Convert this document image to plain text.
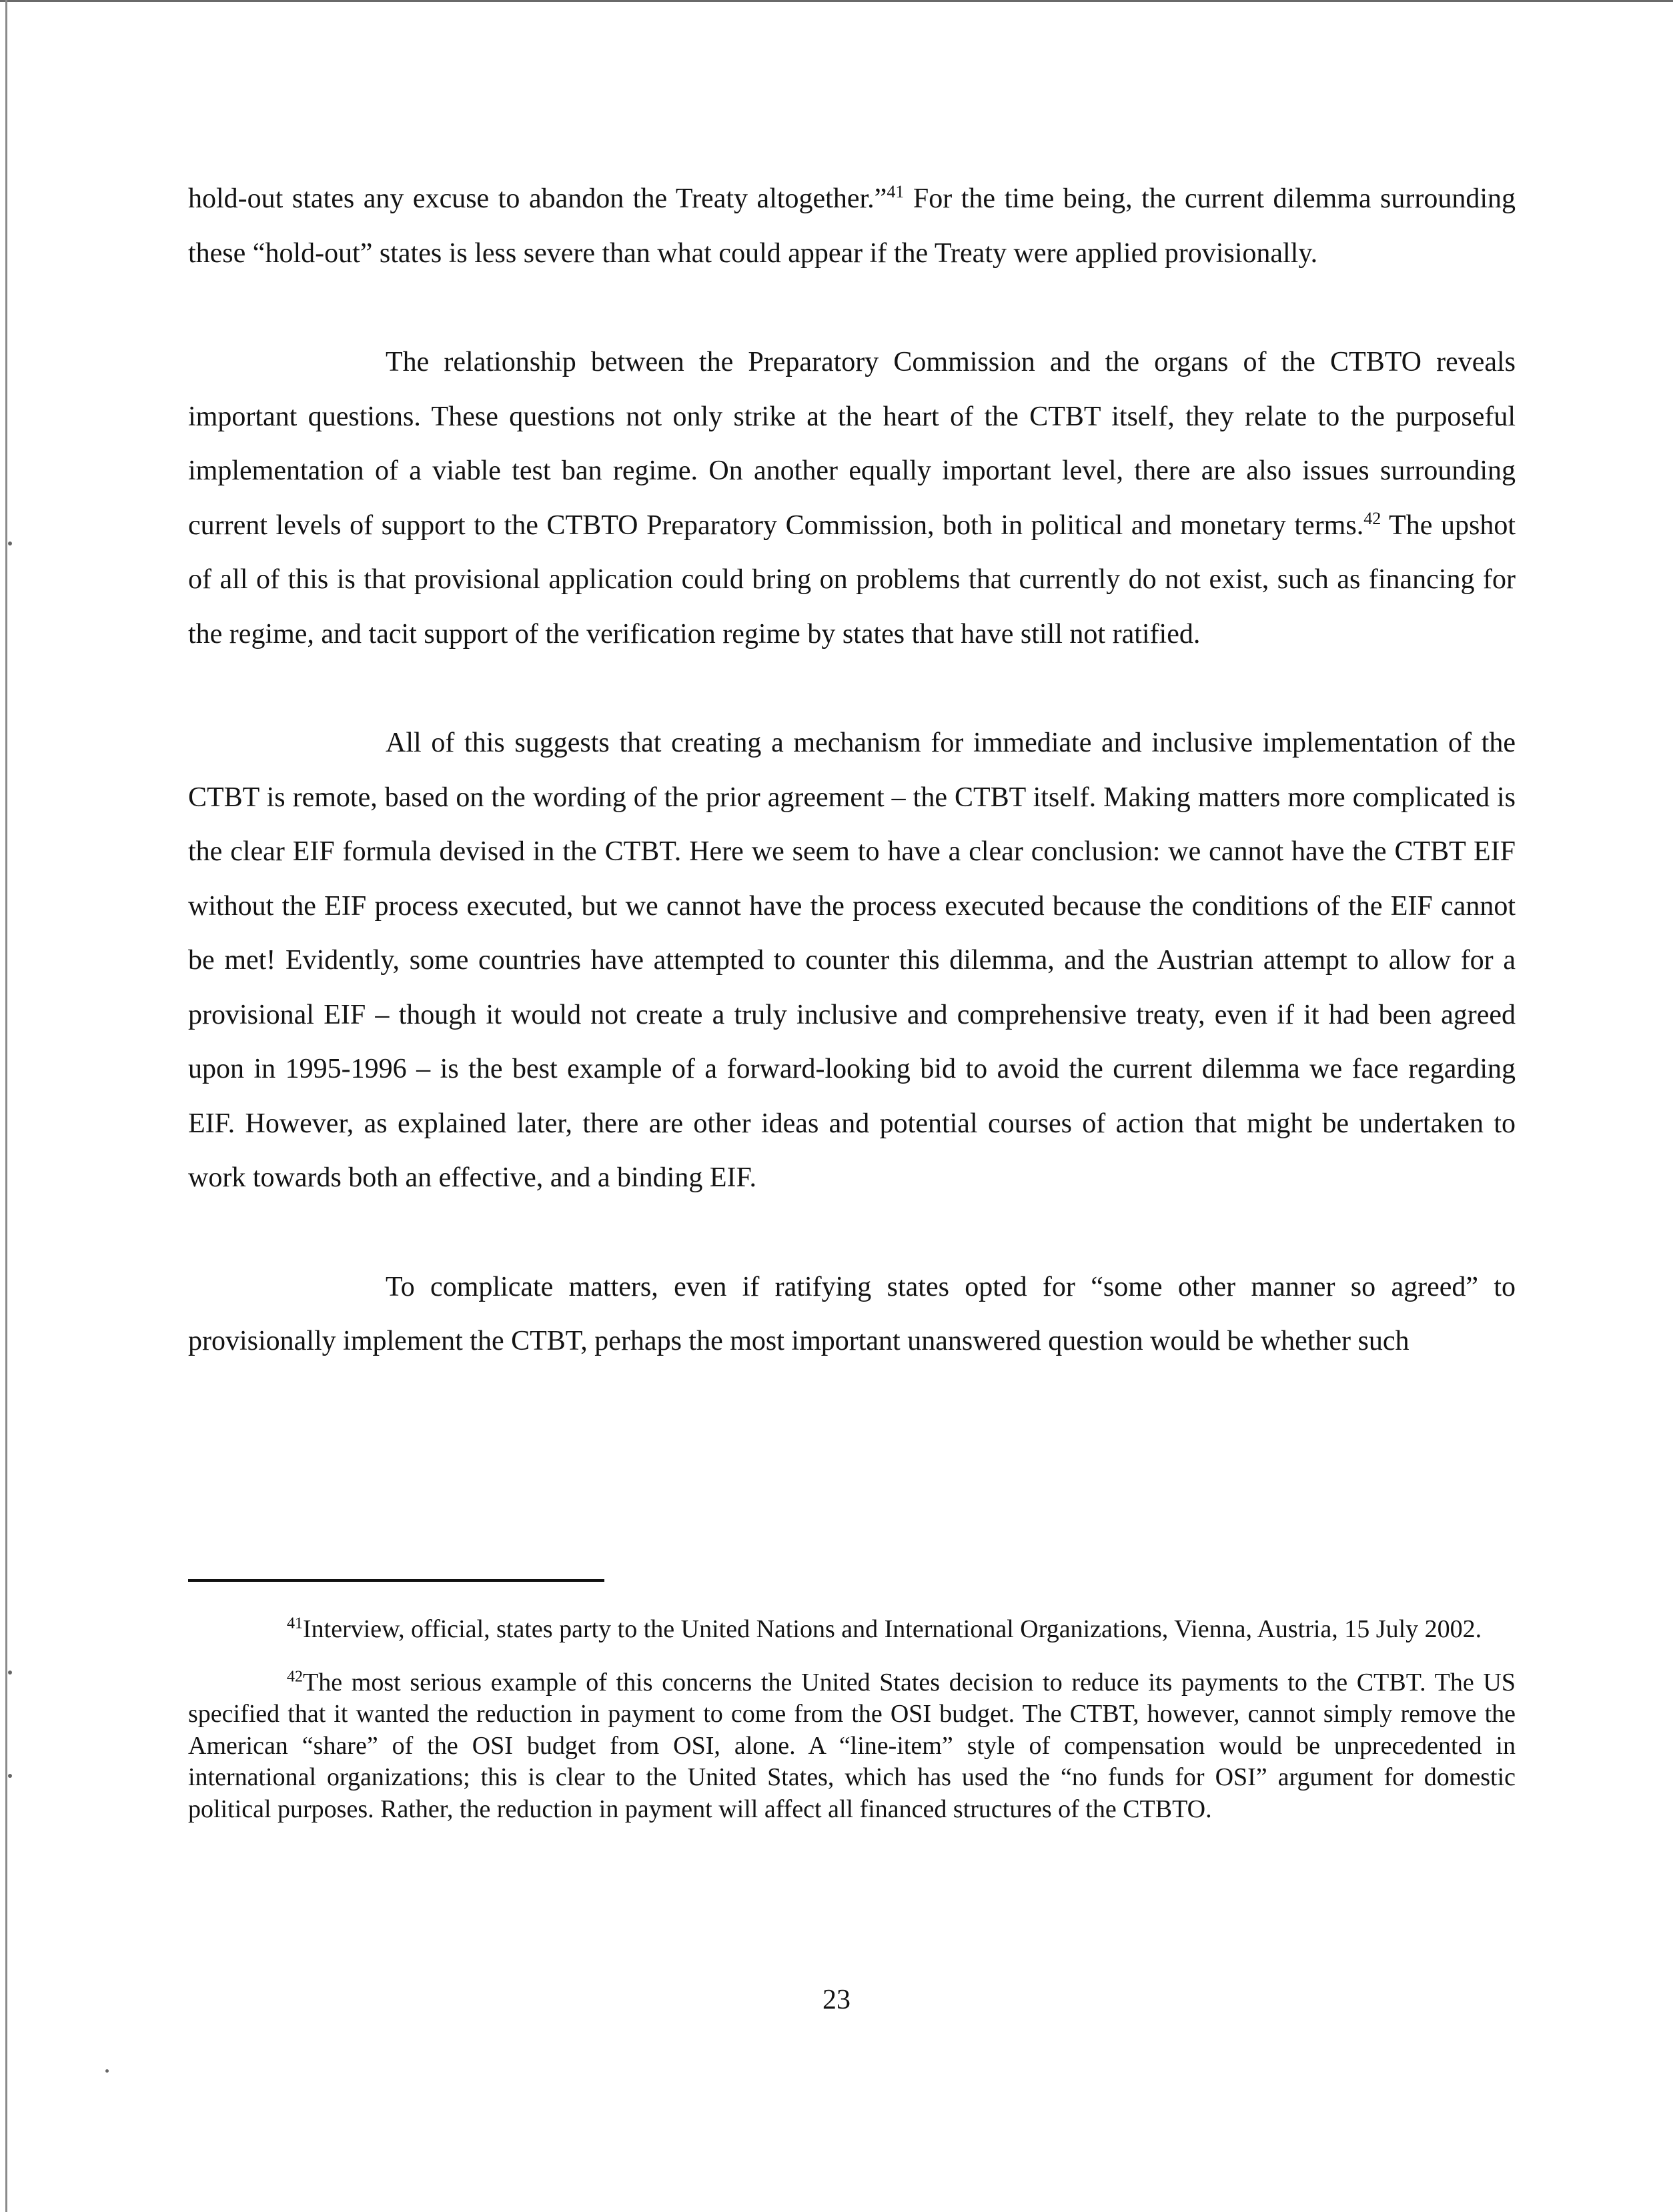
hold-out states any excuse to abandon the Treaty altogether.”$^{41}$ For the time being, the current dilemma surrounding these “hold-out” states is less severe than what could appear if the Treaty were applied provisionally.

The relationship between the Preparatory Commission and the organs of the CTBTO reveals important questions. These questions not only strike at the heart of the CTBT itself, they relate to the purposeful implementation of a viable test ban regime. On another equally important level, there are also issues surrounding current levels of support to the CTBTO Preparatory Commission, both in political and monetary terms.$^{42}$ The upshot of all of this is that provisional application could bring on problems that currently do not exist, such as financing for the regime, and tacit support of the verification regime by states that have still not ratified.

All of this suggests that creating a mechanism for immediate and inclusive implementation of the CTBT is remote, based on the wording of the prior agreement – the CTBT itself. Making matters more complicated is the clear EIF formula devised in the CTBT. Here we seem to have a clear conclusion: we cannot have the CTBT EIF without the EIF process executed, but we cannot have the process executed because the conditions of the EIF cannot be met! Evidently, some countries have attempted to counter this dilemma, and the Austrian attempt to allow for a provisional EIF – though it would not create a truly inclusive and comprehensive treaty, even if it had been agreed upon in 1995-1996 – is the best example of a forward-looking bid to avoid the current dilemma we face regarding EIF. However, as explained later, there are other ideas and potential courses of action that might be undertaken to work towards both an effective, and a binding EIF.

To complicate matters, even if ratifying states opted for “some other manner so agreed” to provisionally implement the CTBT, perhaps the most important unanswered question would be whether such

$^{41}$Interview, official, states party to the United Nations and International Organizations, Vienna, Austria, 15 July 2002.

$^{42}$The most serious example of this concerns the United States decision to reduce its payments to the CTBT. The US specified that it wanted the reduction in payment to come from the OSI budget. The CTBT, however, cannot simply remove the American “share” of the OSI budget from OSI, alone. A “line-item” style of compensation would be unprecedented in international organizations; this is clear to the United States, which has used the “no funds for OSI” argument for domestic political purposes. Rather, the reduction in payment will affect all financed structures of the CTBTO.

23
